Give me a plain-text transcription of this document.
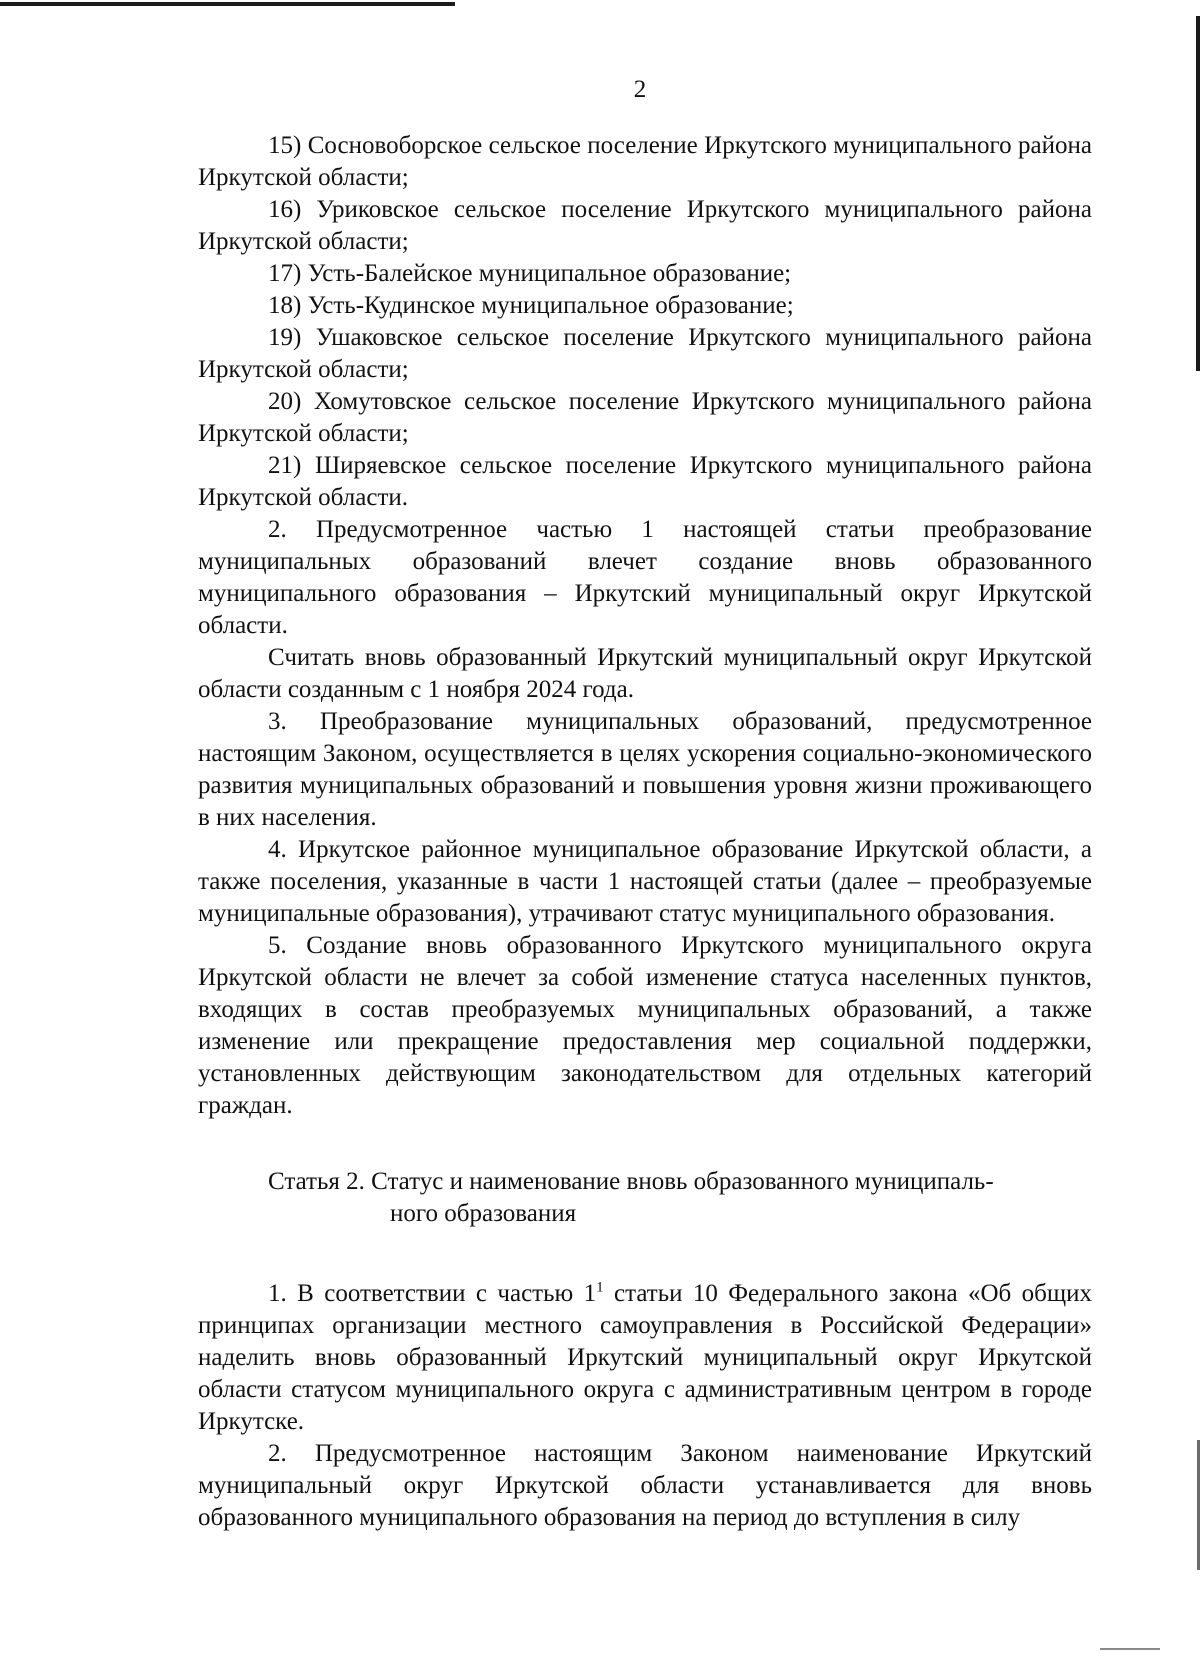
2

15) Сосновоборское сельское поселение Иркутского муниципального района Иркутской области;

16) Уриковское сельское поселение Иркутского муниципального района Иркутской области;

17) Усть-Балейское муниципальное образование;

18) Усть-Кудинское муниципальное образование;

19) Ушаковское сельское поселение Иркутского муниципального района Иркутской области;

20) Хомутовское сельское поселение Иркутского муниципального района Иркутской области;

21) Ширяевское сельское поселение Иркутского муниципального района Иркутской области.

2. Предусмотренное частью 1 настоящей статьи преобразование муниципальных образований влечет создание вновь образованного муниципального образования – Иркутский муниципальный округ Иркутской области.

Считать вновь образованный Иркутский муниципальный округ Иркутской области созданным с 1 ноября 2024 года.

3. Преобразование муниципальных образований, предусмотренное настоящим Законом, осуществляется в целях ускорения социально-экономического развития муниципальных образований и повышения уровня жизни проживающего в них населения.

4. Иркутское районное муниципальное образование Иркутской области, а также поселения, указанные в части 1 настоящей статьи (далее – преобразуемые муниципальные образования), утрачивают статус муниципального образования.

5. Создание вновь образованного Иркутского муниципального округа Иркутской области не влечет за собой изменение статуса населенных пунктов, входящих в состав преобразуемых муниципальных образований, а также изменение или прекращение предоставления мер социальной поддержки, установленных действующим законодательством для отдельных категорий граждан.

Статья 2. Статус и наименование вновь образованного муниципаль-
ного образования

1. В соответствии с частью $1^1$ статьи 10 Федерального закона «Об общих принципах организации местного самоуправления в Российской Федерации» наделить вновь образованный Иркутский муниципальный округ Иркутской области статусом муниципального округа с административным центром в городе Иркутске.

2. Предусмотренное настоящим Законом наименование Иркутский муниципальный округ Иркутской области устанавливается для вновь образованного муниципального образования на период до вступления в силу
